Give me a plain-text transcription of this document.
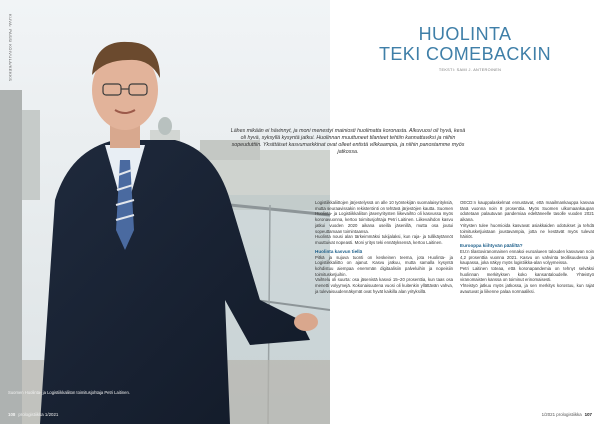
KUVA: PASSI KOIVULA/KEKKS
Suomen Huolinta- ja Logistiikkaliiton toimitusjohtaja Petri Laitinen.
108 prologistiikka 1/2021
HUOLINTA
TEKI COMEBACKIN
TEKSTI: SAMI J. ANTEROINEN

Lähes mikään ei hävinnyt, ja moni menestyi mainiosti huolimatta koronasta. Alkuvuosi oli hyvä, kesä oli hyvä, syksyllä kysyntä jatkui. Huolinnan muuttuneet tilanteet tehtiin kannattaviksi ja niihin sopeuduttiin. Yksittäiset kasvumarkkinat ovat olleet entistä vilkkaampia, ja niihin panostamme myös jatkossa.

Logistiikkaliittojen järjestelyssä on alle 10 työntekijän suomalaisyrityksiä, mutta seuraavissakin rekisteröinti on tehtävä järjestöjen kautta. Suomen Huolinta- ja Logistiikkaliiton jäsenyritysten liikevaihto oli kasvussa myös koronavuonna, kertoo toimitusjohtaja Petri Laitinen. Liikevaihdon kasvu jatkui vuoden 2020 aikana useilla jäsenillä, mutta osa joutui sopeuttamaan toimintaansa.

Huolinta nousi alan tärkeimmäksi tukijalaksi, kun raja- ja tullikäytännöt muuttuivat nopeasti. Moni yritys teki ennätyksensä, kertoo Laitinen.

Huolinta kasvun tiellä

Pitkä ja sujuva tuonti on keskeinen teema, jota Huolinta- ja Logistiikkaliitto on ajanut. Kasvu jatkuu, mutta samalla kysyntä kohdistuu aiempaa enemmän digitaalisiin palveluihin ja nopeisiin toimitusketjuihin.

Vaihtelu oli suurta: osa jäsenistä kasvoi 15–20 prosenttia, kun taas osa menetti volyymejä. Kokonaisuutena vuosi oli kuitenkin yllättävän vahva, ja tulevaisuudennäkymät ovat hyvät kaikilla alan yrityksillä.

OECD:n kauppalaskelmat ennustavat, että maailmankauppa kasvaa tänä vuonna noin 8 prosenttia. Myös Suomen ulkomaankaupan odotetaan palautuvan pandemiaa edeltäneelle tasolle vuoden 2021 aikana.

Yritysten tulee huomioida kasvavat asiakkaiden odotukset ja tehdä toimitusketjuistaan joustavampia, jotta ne kestävät myös tulevat häiriöt.

Eurooppa kiihtyvän pääliltä?

EU:n tilastoviranomainen ennakoi euroalueen talouden kasvavan noin 4,2 prosenttia vuonna 2021. Kasvu on vahvinta teollisuudessa ja kaupassa, joka näkyy myös logistiikka-alan volyymeissa.

Petri Laitinen toteaa, että koronapandemia on tehnyt selväksi huolinnan merkityksen koko kansantaloudelle. Yhteistyö viranomaisten kanssa on toiminut erinomaisesti.

Yhteistyö jatkuu myös jatkossa, ja sen merkitys korostuu, kun rajat avautuvat ja liikenne palaa normaaliksi.

1/2021 prologistiikka 107
